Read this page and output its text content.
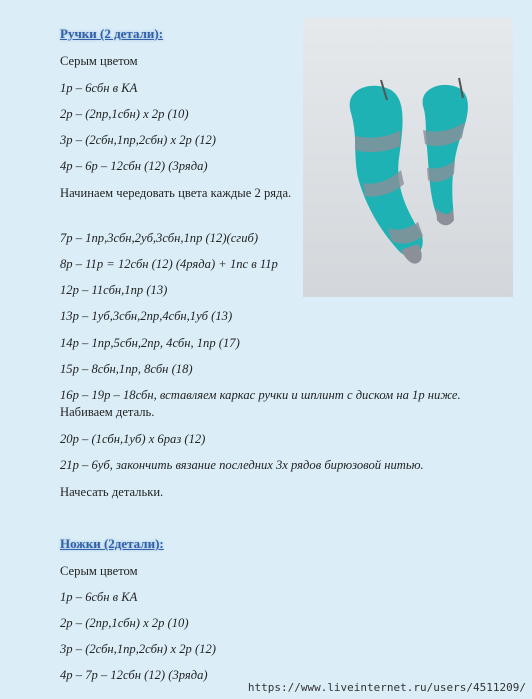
Ручки (2 детали):
Серым цветом
1р – 6сбн в КА
2р – (2пр,1сбн) х 2р (10)
3р – (2сбн,1пр,2сбн) х 2р (12)
4р – 6р – 12сбн (12) (3ряда)
Начинаем чередовать цвета каждые 2 ряда.
7р – 1пр,3сбн,2уб,3сбн,1пр (12)(сгиб)
8р – 11р = 12сбн (12) (4ряда) + 1пс в 11р
12р – 11сбн,1пр (13)
13р – 1уб,3сбн,2пр,4сбн,1уб (13)
14р – 1пр,5сбн,2пр, 4сбн, 1пр (17)
15р – 8сбн,1пр, 8сбн (18)
16р – 19р – 18сбн, вставляем каркас ручки и шплинт с диском на 1р ниже.
Набиваем деталь.
20р – (1сбн,1уб) х 6раз (12)
21р – 6уб, закончить вязание последних 3х рядов бирюзовой нитью.
Начесать детальки.
Ножки (2детали):
Серым цветом
1р – 6сбн в КА
2р – (2пр,1сбн) х 2р (10)
3р – (2сбн,1пр,2сбн) х 2р (12)
4р – 7р – 12сбн (12) (3ряда)
https://www.liveinternet.ru/users/4511209/
